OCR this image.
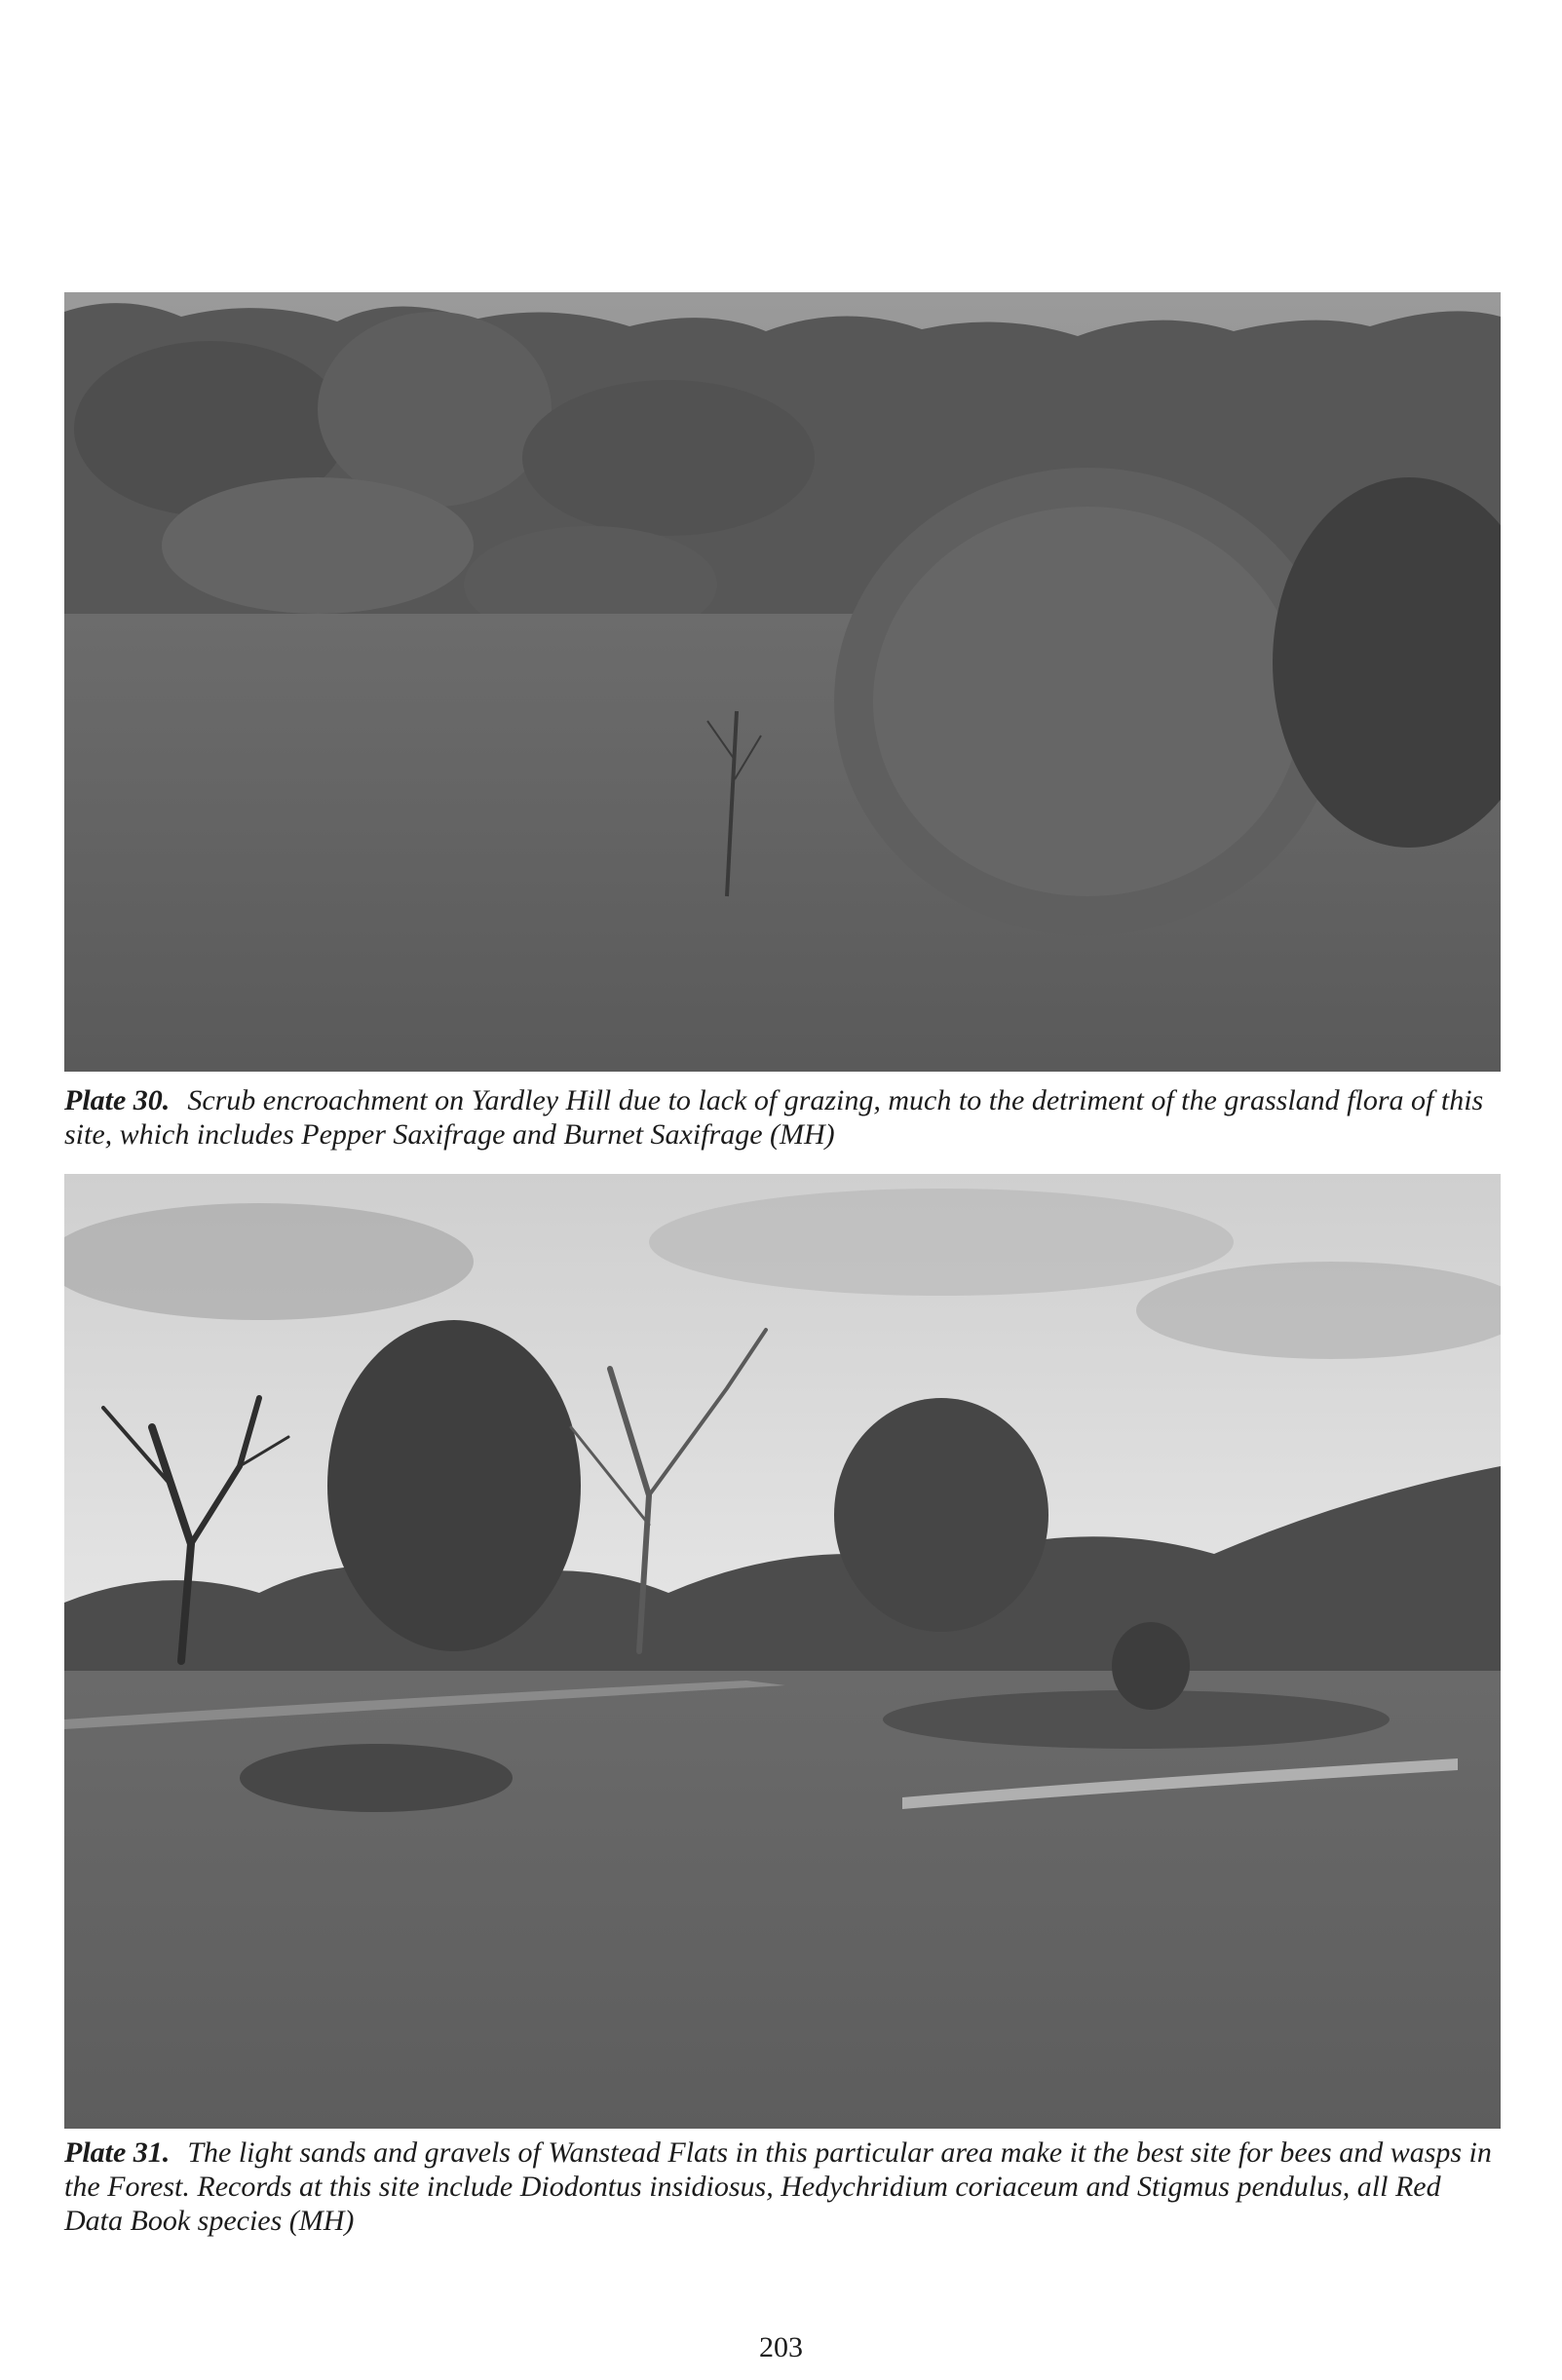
Plate 30. Scrub encroachment on Yardley Hill due to lack of grazing, much to the detriment of the grassland flora of this site, which includes Pepper Saxifrage and Burnet Saxifrage (MH)
Plate 31. The light sands and gravels of Wanstead Flats in this particular area make it the best site for bees and wasps in the Forest. Records at this site include Diodontus insidiosus, Hedychridium coriaceum and Stigmus pendulus, all Red Data Book species (MH)
203
